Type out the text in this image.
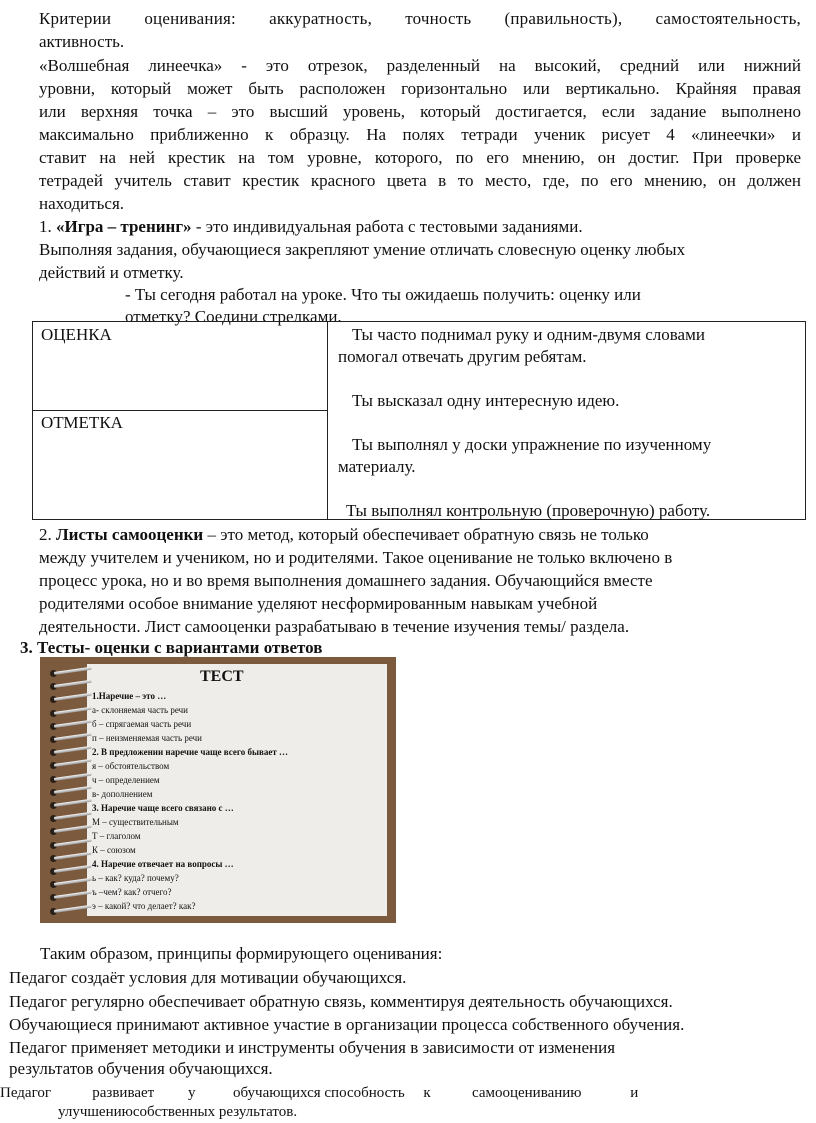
Критерии оценивания: аккуратность, точность (правильность), самостоятельность,
активность.
«Волшебная линеечка» - это отрезок, разделенный на высокий, средний или нижний
уровни, который может быть расположен горизонтально или вертикально. Крайняя правая
или верхняя точка – это высший уровень, который достигается, если задание выполнено
максимально приближенно к образцу. На полях тетради ученик рисует 4 «линеечки» и
ставит на ней крестик на том уровне, которого, по его мнению, он достиг. При проверке
тетрадей учитель ставит крестик красного цвета в то место, где, по его мнению, он должен
находиться.
1. «Игра – тренинг» - это индивидуальная работа с тестовыми заданиями.
Выполняя задания, обучающиеся закрепляют умение отличать словесную оценку любых
действий и отметку.
- Ты сегодня работал на уроке. Что ты ожидаешь получить: оценку или
отметку? Соедини стрелками.
ОЦЕНКА
ОТМЕТКА
Ты часто поднимал руку и одним-двумя словами
помогал отвечать другим ребятам.
Ты высказал одну интересную идею.
Ты выполнял у доски упражнение по изученному
материалу.
Ты выполнял контрольную (проверочную) работу.
2. Листы самооценки – это метод, который обеспечивает обратную связь не только
между учителем и учеником, но и родителями. Такое оценивание не только включено в
процесс урока, но и во время выполнения домашнего задания. Обучающийся вместе
родителями особое внимание уделяют несформированным навыкам учебной
деятельности. Лист самооценки разрабатываю в течение изучения темы/ раздела.
3. Тесты- оценки с вариантами ответов
ТЕСТ
1.Наречие – это …
а- склоняемая часть речи
б – спрягаемая часть речи
п – неизменяемая часть речи
2. В предложении наречие чаще всего бывает …
я – обстоятельством
ч – определением
в- дополнением
3. Наречие чаще всего связано с …
М – существительным
Т – глаголом
К – союзом
4. Наречие отвечает на вопросы …
ь – как? куда? почему?
ъ –чем? как? отчего?
э – какой? что делает? как?
Таким образом, принципы формирующего оценивания:
Педагог создаёт условия для мотивации обучающихся.
Педагог регулярно обеспечивает обратную связь, комментируя деятельность обучающихся.
Обучающиеся принимают активное участие в организации процесса собственного обучения.
Педагог применяет методики и инструменты обучения в зависимости от изменения
результатов обучения обучающихся.
Педагог           развивает         у          обучающихся способность     к           самооцениванию             и
улучшениюсобственных результатов.
